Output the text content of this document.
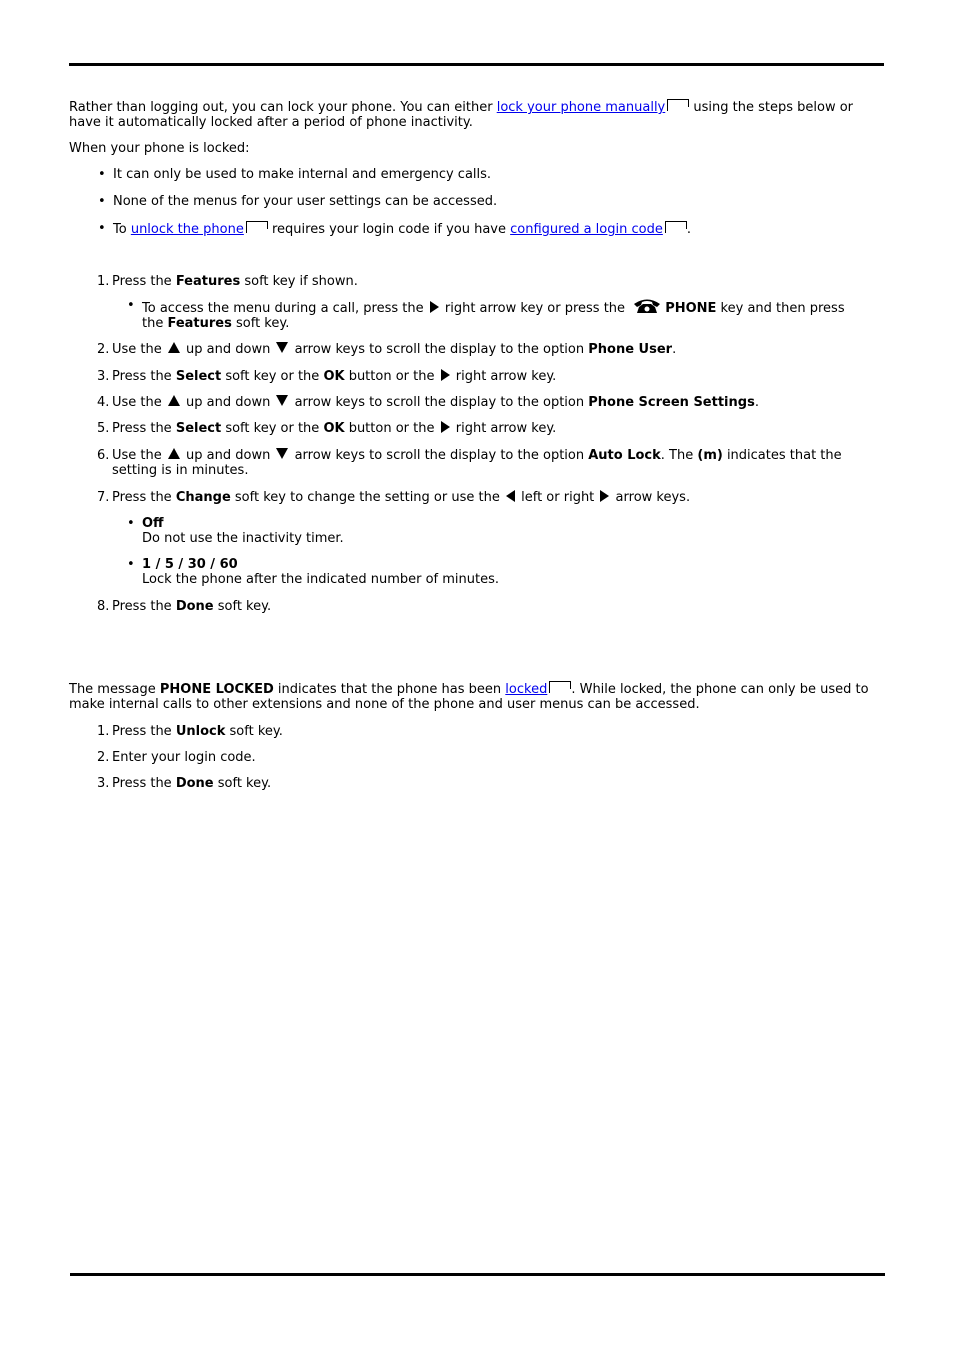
Rather than logging out, you can lock your phone. You can either lock your phone manually using the steps below or have it automatically locked after a period of phone inactivity.

When your phone is locked:

• It can only be used to make internal and emergency calls.
• None of the menus for your user settings can be accessed.
• To unlock the phone requires your login code if you have configured a login code .
1. Press the Features soft key if shown.
• To access the menu during a call, press the  right arrow key or press the	PHONE key and then press the Features soft key.
2. Use the  up and down  arrow keys to scroll the display to the option Phone User.
3. Press the Select soft key or the OK button or the  right arrow key.
4. Use the  up and down  arrow keys to scroll the display to the option Phone Screen Settings.
5. Press the Select soft key or the OK button or the  right arrow key.
6. Use the  up and down  arrow keys to scroll the display to the option Auto Lock. The (m) indicates that the setting is in minutes.
7. Press the Change soft key to change the setting or use the  left or right  arrow keys.
• Off
Do not use the inactivity timer.
• 1 / 5 / 30 / 60
Lock the phone after the indicated number of minutes.
8. Press the Done soft key.

The message PHONE LOCKED indicates that the phone has been locked . While locked, the phone can only be used to make internal calls to other extensions and none of the phone and user menus can be accessed.

1. Press the Unlock soft key.
2. Enter your login code.
3. Press the Done soft key.
